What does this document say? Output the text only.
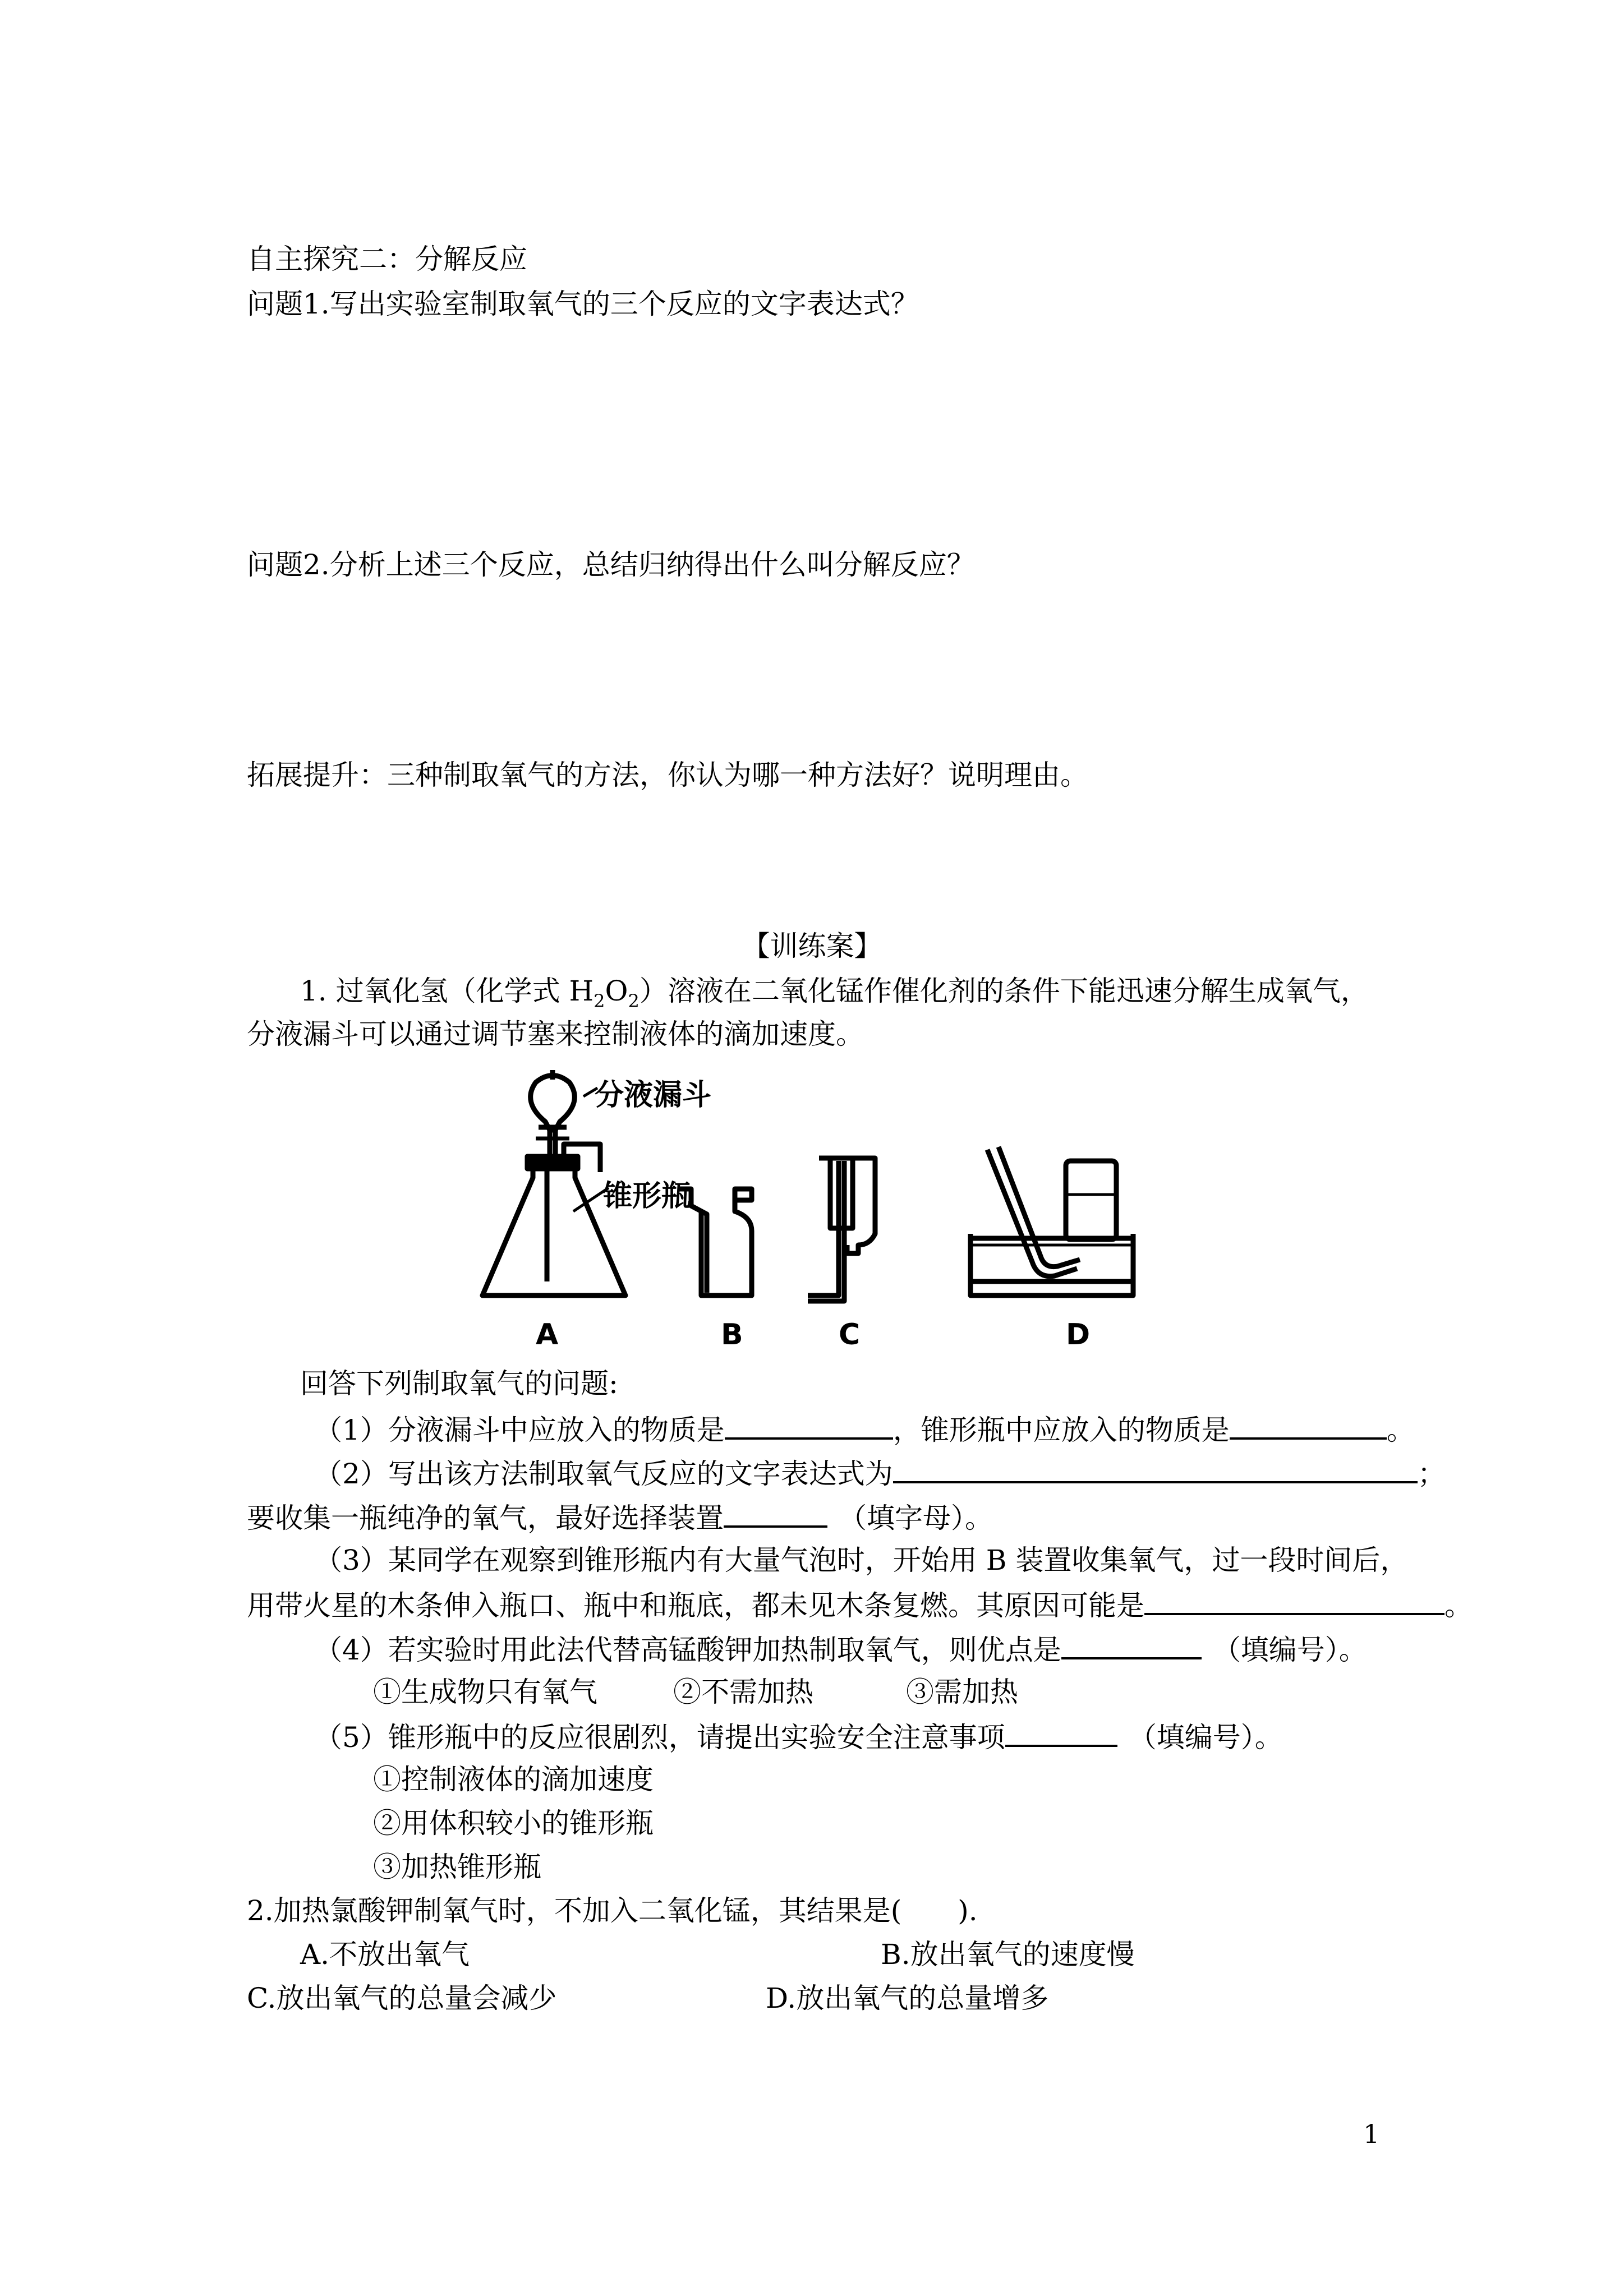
自主探究二：分解反应
问题1.写出实验室制取氧气的三个反应的文字表达式？
问题2.分析上述三个反应，总结归纳得出什么叫分解反应？
拓展提升：三种制取氧气的方法，你认为哪一种方法好？说明理由。
【训练案】
1. 过氧化氢（化学式 $H_2O_2$）溶液在二氧化锰作催化剂的条件下能迅速分解生成氧气，
分液漏斗可以通过调节塞来控制液体的滴加速度。
分液漏斗
锥形瓶
A	B	C	D
回答下列制取氧气的问题:
（1）分液漏斗中应放入的物质是	，锥形瓶中应放入的物质是	。
（2）写出该方法制取氧气反应的文字表达式为	；
要收集一瓶纯净的氧气，最好选择装置	（填字母）。
（3）某同学在观察到锥形瓶内有大量气泡时，开始用 B 装置收集氧气，过一段时间后，
用带火星的木条伸入瓶口、瓶中和瓶底，都未见木条复燃。其原因可能是	。
（4）若实验时用此法代替高锰酸钾加热制取氧气，则优点是	（填编号）。
①生成物只有氧气	②不需加热	③需加热
（5）锥形瓶中的反应很剧烈，请提出实验安全注意事项	（填编号）。
①控制液体的滴加速度
②用体积较小的锥形瓶
③加热锥形瓶
2.加热氯酸钾制氧气时，不加入二氧化锰，其结果是(　　).
A.不放出氧气	B.放出氧气的速度慢
C.放出氧气的总量会减少	D.放出氧气的总量增多
1
